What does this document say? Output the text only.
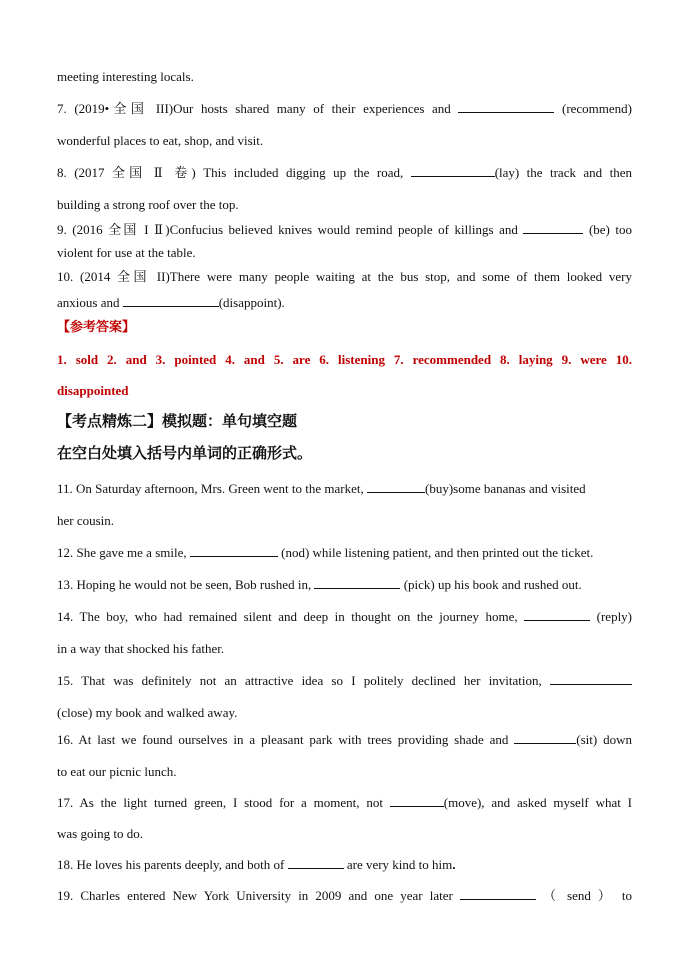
meeting interesting locals.
7. (2019•全国 III)Our hosts shared many of their experiences and	(recommend)
wonderful places to eat, shop, and visit.
8. (2017 全国 Ⅱ 卷) This included digging up the road,	(lay) the track and then
building a strong roof over the top.
9. (2016 全国 I Ⅱ)Confucius believed knives would remind people of killings and	(be) too
violent for use at the table.
10. (2014 全国 II)There were many people waiting at the bus stop, and some of them looked very
anxious and	(disappoint).
【参考答案】
1. sold 2. and 3. pointed 4. and 5. are 6. listening 7. recommended 8. laying 9. were 10.
disappointed
【考点精炼二】模拟题：单句填空题
在空白处填入括号内单词的正确形式。
11. On Saturday afternoon, Mrs. Green went to the market,	(buy)some bananas and visited
her cousin.
12. She gave me a smile,	(nod) while listening patient, and then printed out the ticket.
13. Hoping he would not be seen, Bob rushed in,	(pick) up his book and rushed out.
14. The boy, who had remained silent and deep in thought on the journey home,	(reply)
in a way that shocked his father.
15. That was definitely not an attractive idea so I politely declined her invitation,
(close) my book and walked away.
16. At last we found ourselves in a pleasant park with trees providing shade and	(sit) down
to eat our picnic lunch.
17. As the light turned green, I stood for a moment, not	(move), and asked myself what I
was going to do.
18. He loves his parents deeply, and both of	are very kind to him.
19. Charles entered New York University in 2009 and one year later	（ send ） to
